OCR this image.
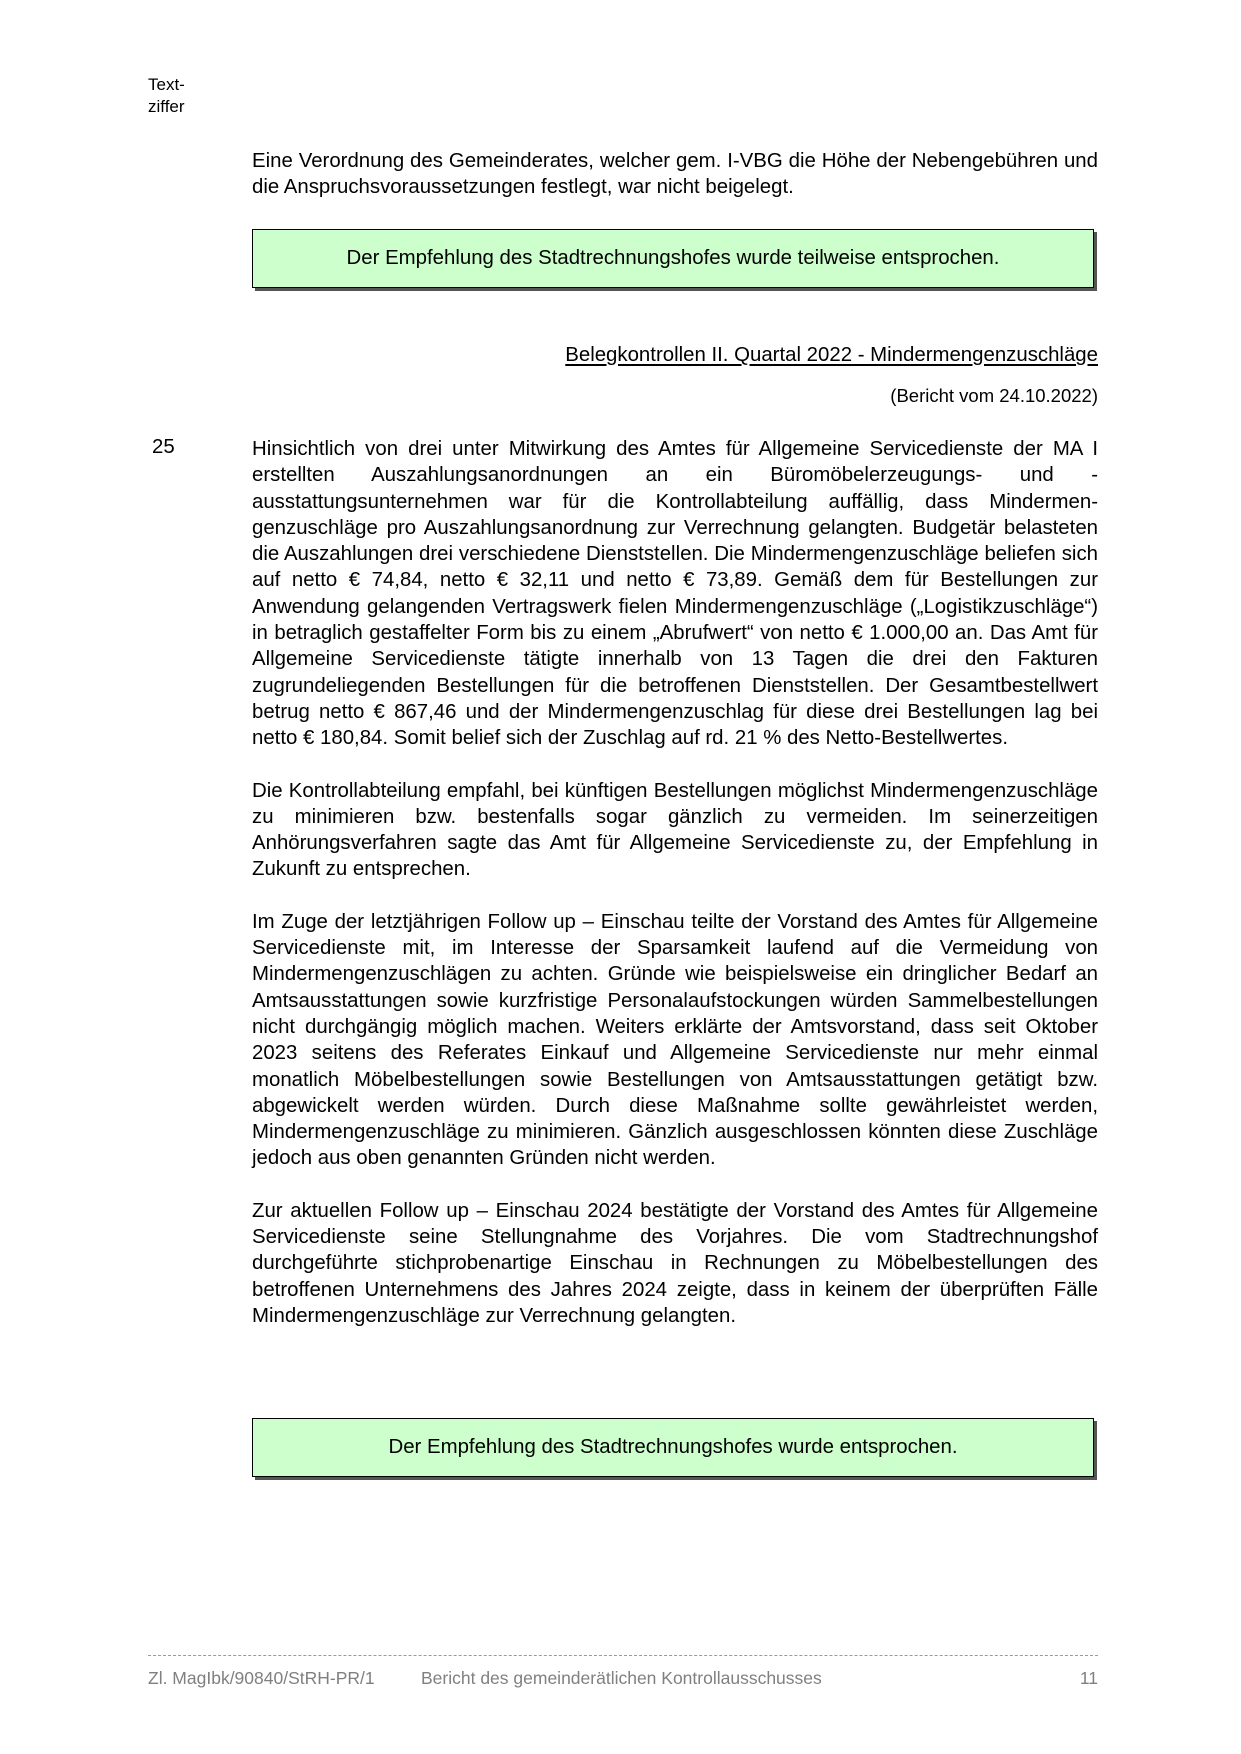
Text-
ziffer

Eine Verordnung des Gemeinderates, welcher gem. I-VBG die Höhe der Nebengebühren und die Anspruchsvoraussetzungen festlegt, war nicht beigelegt.

Der Empfehlung des Stadtrechnungshofes wurde teilweise entsprochen.
Belegkontrollen II. Quartal 2022 - Mindermengenzuschläge
(Bericht vom 24.10.2022)
25	Hinsichtlich von drei unter Mitwirkung des Amtes für Allgemeine Servicedienste der MA I erstellten Auszahlungsanordnungen an ein Büromöbelerzeugungs- und -ausstattungsunternehmen war für die Kontrollabteilung auffällig, dass Mindermengenzuschläge pro Auszahlungsanordnung zur Verrechnung gelangten. Budgetär belasteten die Auszahlungen drei verschiedene Dienststellen. Die Mindermengenzuschläge beliefen sich auf netto € 74,84, netto € 32,11 und netto € 73,89. Gemäß dem für Bestellungen zur Anwendung gelangenden Vertragswerk fielen Mindermengenzuschläge („Logistikzuschläge“) in betraglich gestaffelter Form bis zu einem „Abrufwert“ von netto € 1.000,00 an. Das Amt für Allgemeine Servicedienste tätigte innerhalb von 13 Tagen die drei den Fakturen zugrundeliegenden Bestellungen für die betroffenen Dienststellen. Der Gesamtbestellwert betrug netto € 867,46 und der Mindermengenzuschlag für diese drei Bestellungen lag bei netto € 180,84. Somit belief sich der Zuschlag auf rd. 21 % des Netto-Bestellwertes.

Die Kontrollabteilung empfahl, bei künftigen Bestellungen möglichst Mindermengenzuschläge zu minimieren bzw. bestenfalls sogar gänzlich zu vermeiden. Im seinerzeitigen Anhörungsverfahren sagte das Amt für Allgemeine Servicedienste zu, der Empfehlung in Zukunft zu entsprechen.

Im Zuge der letztjährigen Follow up – Einschau teilte der Vorstand des Amtes für Allgemeine Servicedienste mit, im Interesse der Sparsamkeit laufend auf die Vermeidung von Mindermengenzuschlägen zu achten. Gründe wie beispielsweise ein dringlicher Bedarf an Amtsausstattungen sowie kurzfristige Personalaufstockungen würden Sammelbestellungen nicht durchgängig möglich machen. Weiters erklärte der Amtsvorstand, dass seit Oktober 2023 seitens des Referates Einkauf und Allgemeine Servicedienste nur mehr einmal monatlich Möbelbestellungen sowie Bestellungen von Amtsausstattungen getätigt bzw. abgewickelt werden würden. Durch diese Maßnahme sollte gewährleistet werden, Mindermengenzuschläge zu minimieren. Gänzlich ausgeschlossen könnten diese Zuschläge jedoch aus oben genannten Gründen nicht werden.

Zur aktuellen Follow up – Einschau 2024 bestätigte der Vorstand des Amtes für Allgemeine Servicedienste seine Stellungnahme des Vorjahres. Die vom Stadtrechnungshof durchgeführte stichprobenartige Einschau in Rechnungen zu Möbelbestellungen des betroffenen Unternehmens des Jahres 2024 zeigte, dass in keinem der überprüften Fälle Mindermengenzuschläge zur Verrechnung gelangten.

Der Empfehlung des Stadtrechnungshofes wurde entsprochen.
Zl. MagIbk/90840/StRH-PR/1	Bericht des gemeinderätlichen Kontrollausschusses	11
